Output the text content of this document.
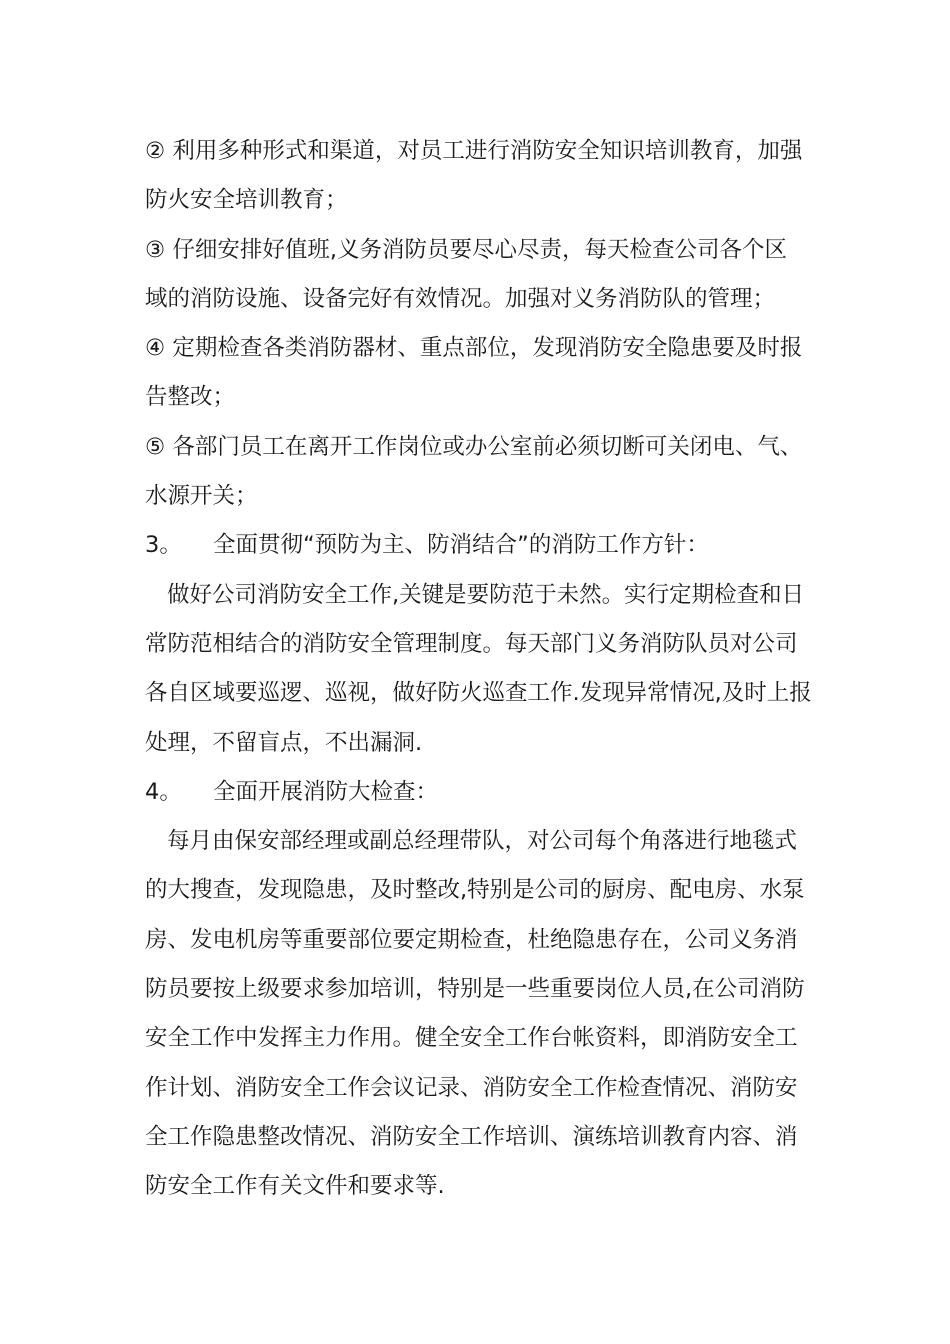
② 利用多种形式和渠道，对员工进行消防安全知识培训教育，加强
防火安全培训教育；
③ 仔细安排好值班,义务消防员要尽心尽责，每天检查公司各个区
域的消防设施、设备完好有效情况。加强对义务消防队的管理；
④ 定期检查各类消防器材、重点部位，发现消防安全隐患要及时报
告整改；
⑤ 各部门员工在离开工作岗位或办公室前必须切断可关闭电、气、
水源开关；
3。 全面贯彻“预防为主、防消结合”的消防工作方针：
做好公司消防安全工作,关键是要防范于未然。实行定期检查和日
常防范相结合的消防安全管理制度。每天部门义务消防队员对公司
各自区域要巡逻、巡视，做好防火巡查工作.发现异常情况,及时上报
处理，不留盲点，不出漏洞.
4。 全面开展消防大检查：
每月由保安部经理或副总经理带队，对公司每个角落进行地毯式
的大搜查，发现隐患，及时整改,特别是公司的厨房、配电房、水泵
房、发电机房等重要部位要定期检查，杜绝隐患存在，公司义务消
防员要按上级要求参加培训，特别是一些重要岗位人员,在公司消防
安全工作中发挥主力作用。健全安全工作台帐资料，即消防安全工
作计划、消防安全工作会议记录、消防安全工作检查情况、消防安
全工作隐患整改情况、消防安全工作培训、演练培训教育内容、消
防安全工作有关文件和要求等.
